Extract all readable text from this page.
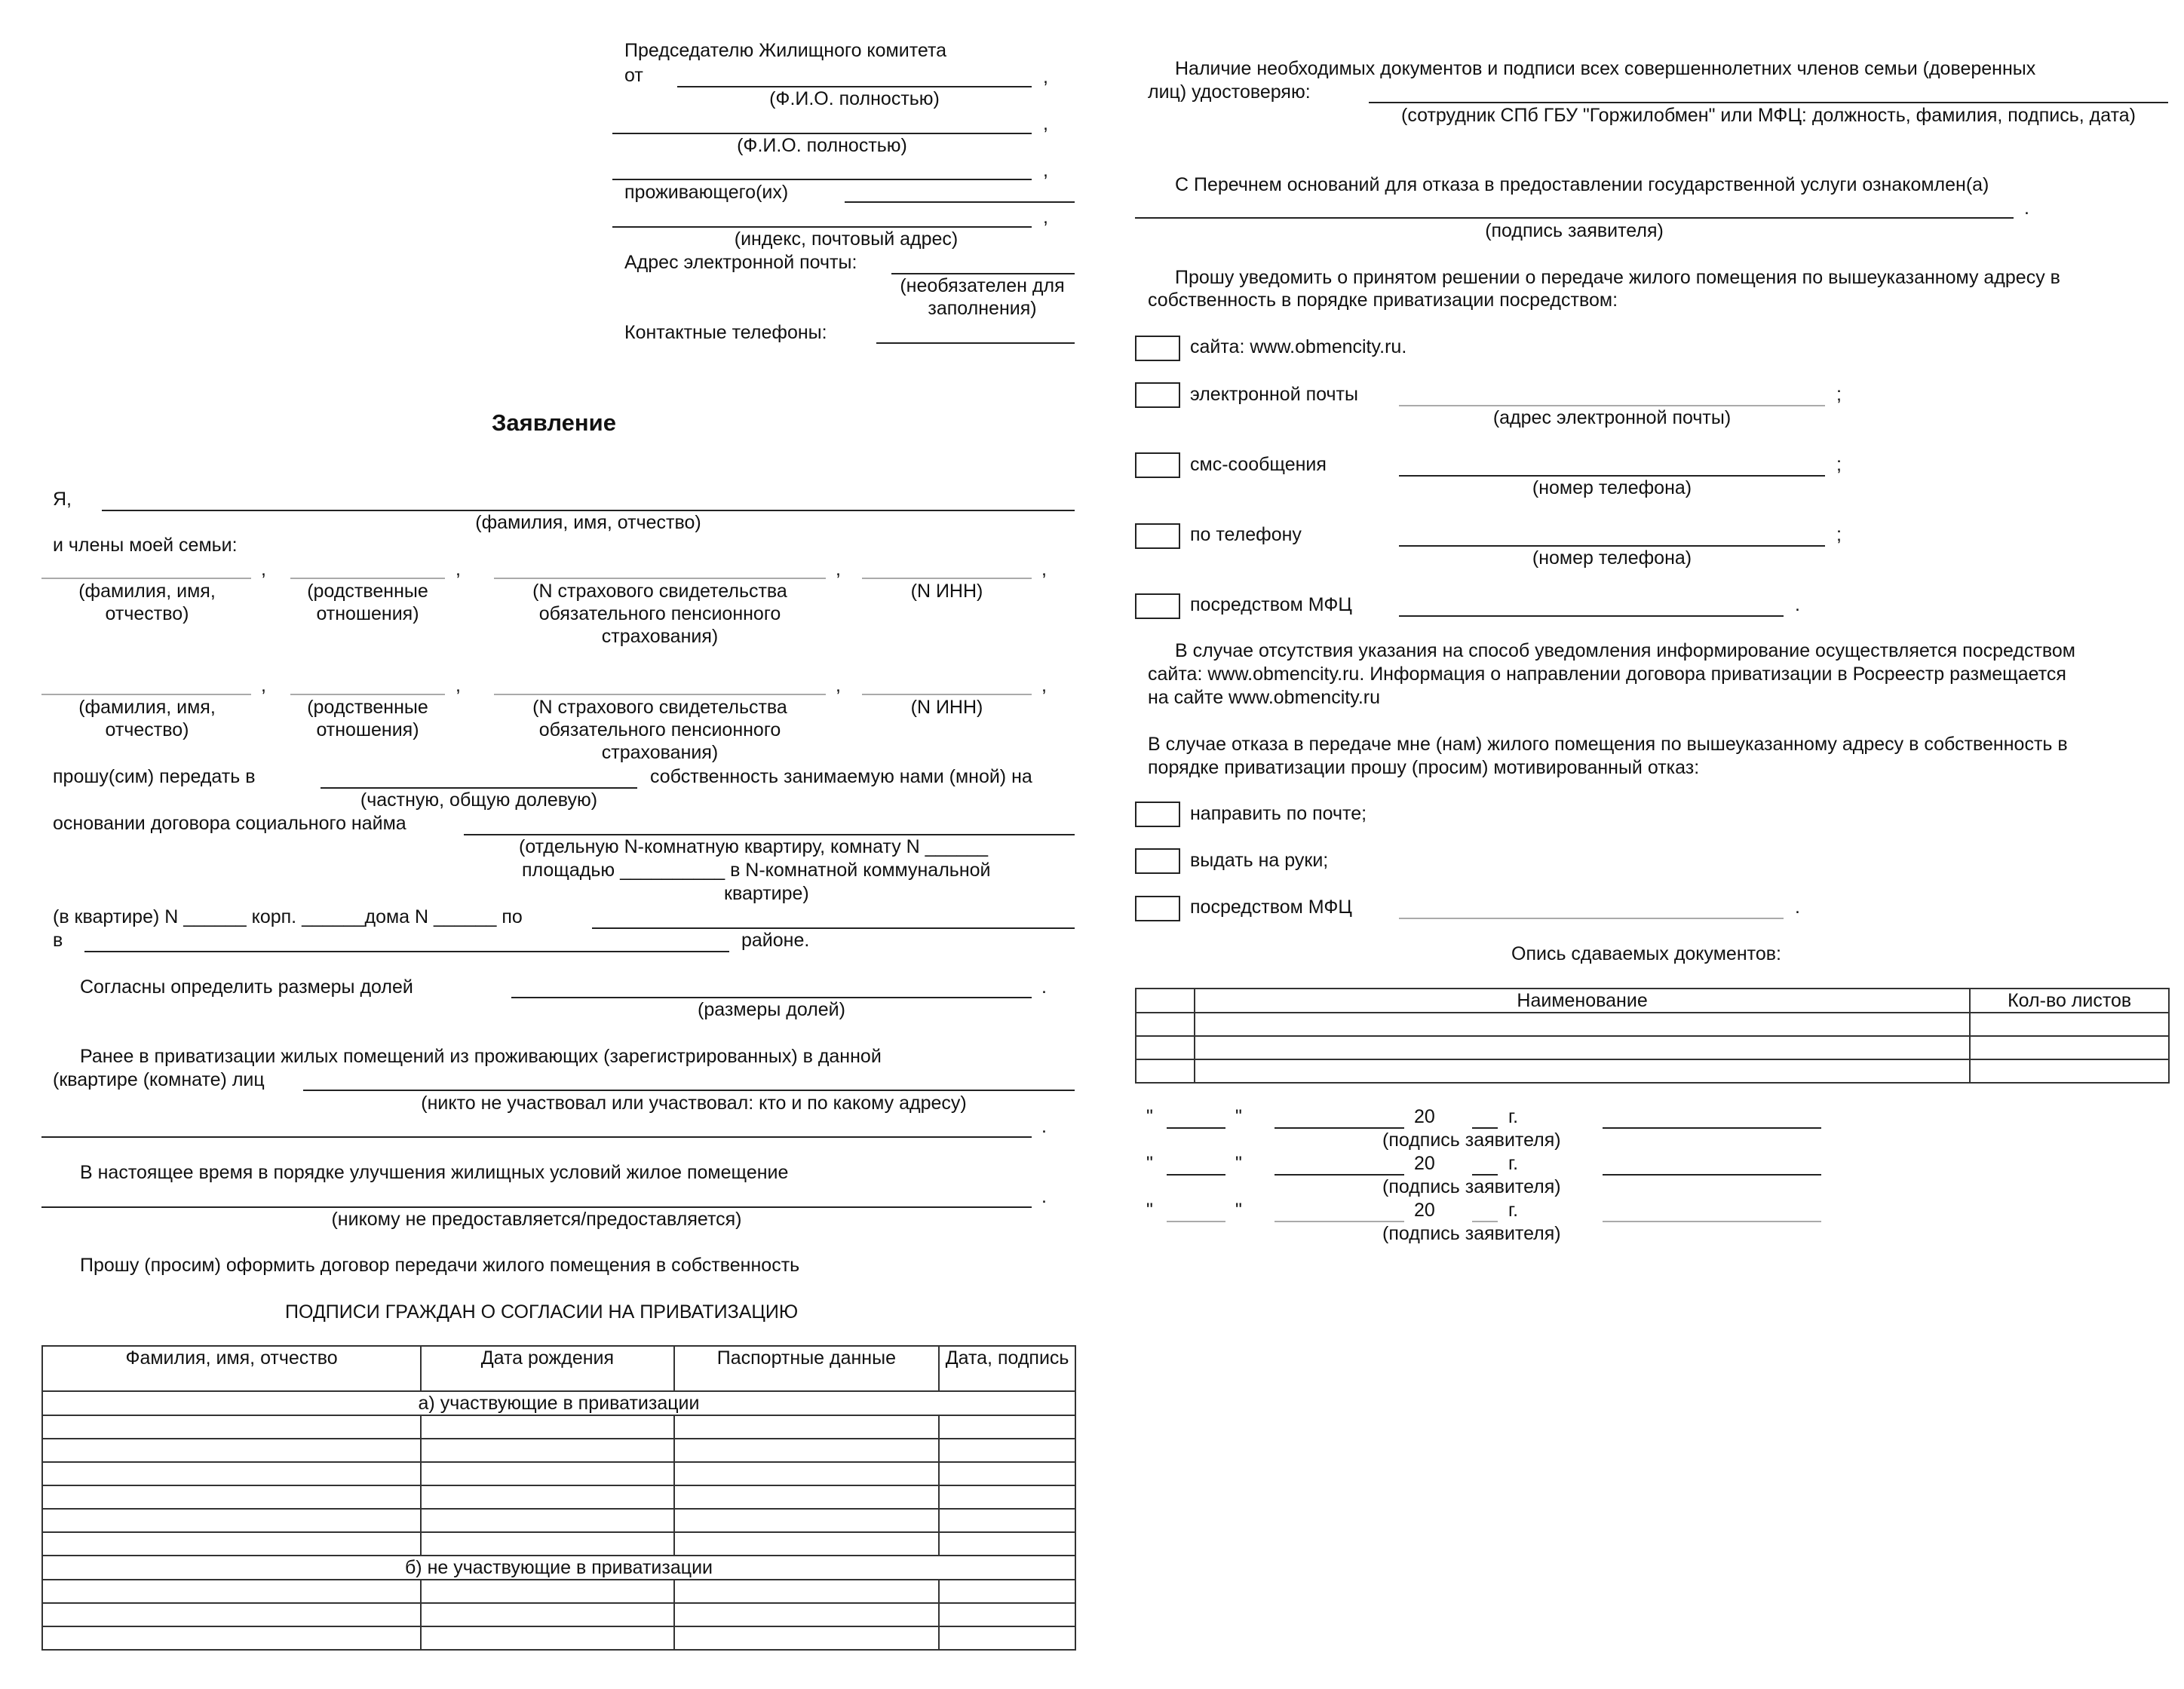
Председателю Жилищного комитета
от	,
(Ф.И.О. полностью)
,
(Ф.И.О. полностью)
,
проживающего(их)
,
(индекс, почтовый адрес)
Адрес электронной почты:
(необязателен для заполнения)
Контактные телефоны:
Заявление
Я,
(фамилия, имя, отчество)
и члены моей семьи:
,	,	,	,
(фамилия, имя, отчество)
(родственные отношения)
(N страхового свидетельства обязательного пенсионного страхования)
(N ИНН)
,	,	,	,
(фамилия, имя, отчество)
(родственные отношения)
(N страхового свидетельства обязательного пенсионного страхования)
(N ИНН)
прошу(сим) передать в	собственность занимаемую нами (мной) на
(частную, общую долевую)
основании договора социального найма
(отдельную N-комнатную квартиру, комнату N ______
площадью __________ в N-комнатной коммунальной
квартире)
(в квартире) N ______ корп. ______дома N ______ по
в	районе.
Согласны определить размеры долей	.
(размеры долей)
Ранее в приватизации жилых помещений из проживающих (зарегистрированных) в данной
(квартире (комнате) лиц
(никто не участвовал или участвовал: кто и по какому адресу)
.
В настоящее время в порядке улучшения жилищных условий жилое помещение
.
(никому не предоставляется/предоставляется)
Прошу (просим) оформить договор передачи жилого помещения в собственность
ПОДПИСИ ГРАЖДАН О СОГЛАСИИ НА ПРИВАТИЗАЦИЮ
Фамилия, имя, отчество	Дата рождения	Паспортные данные	Дата, подпись
а) участвующие в приватизации			

б) не участвующие в приватизации			

Наличие необходимых документов и подписи всех совершеннолетних членов семьи (доверенных
лиц) удостоверяю:
(сотрудник СПб ГБУ "Горжилобмен" или МФЦ: должность, фамилия, подпись, дата)
С Перечнем оснований для отказа в предоставлении государственной услуги ознакомлен(а)
.
(подпись заявителя)
Прошу уведомить о принятом решении о передаче жилого помещения по вышеуказанному адресу в
собственность в порядке приватизации посредством:
сайта: www.obmencity.ru.
электронной почты	;
(адрес электронной почты)
смс-сообщения	;
(номер телефона)
по телефону	;
(номер телефона)
посредством МФЦ	.
В случае отсутствия указания на способ уведомления информирование осуществляется посредством
сайта: www.obmencity.ru. Информация о направлении договора приватизации в Росреестр размещается
на сайте www.obmencity.ru
В случае отказа в передаче мне (нам) жилого помещения по вышеуказанному адресу в собственность в
порядке приватизации прошу (просим) мотивированный отказ:
направить по почте;
выдать на руки;
посредством МФЦ	.
Опись сдаваемых документов:
	Наименование	Кол-во листов

"	"	20	г.
(подпись заявителя)
"	"	20	г.
(подпись заявителя)
"	"	20	г.
(подпись заявителя)
